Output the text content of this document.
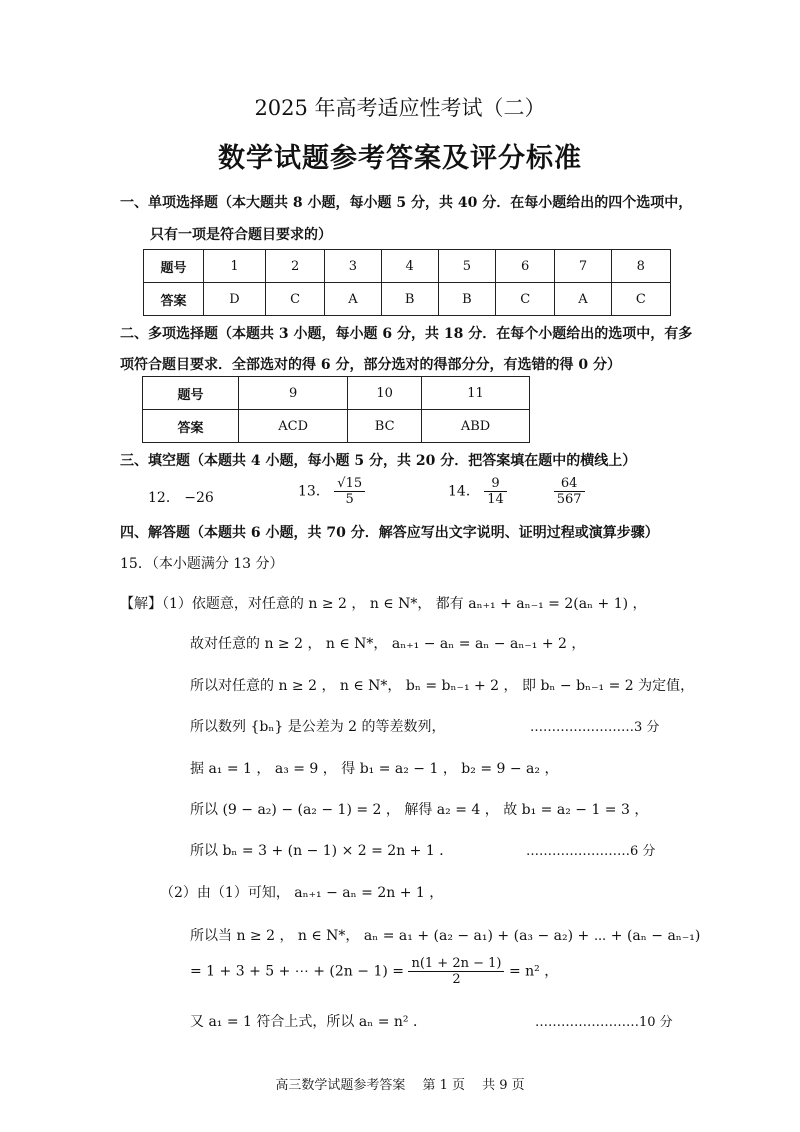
2025 年高考适应性考试（二）
数学试题参考答案及评分标准
一、单项选择题（本大题共 8 小题，每小题 5 分，共 40 分．在每小题给出的四个选项中，
只有一项是符合题目要求的）
题号	1	2	3	4	5	6	7	8
答案	D	C	A	B	B	C	A	C
二、多项选择题（本题共 3 小题，每小题 6 分，共 18 分．在每个小题给出的选项中，有多
项符合题目要求．全部选对的得 6 分，部分选对的得部分分，有选错的得 0 分）
题号	9	10	11
答案	ACD	BC	ABD
三、填空题（本题共 4 小题，每小题 5 分，共 20 分．把答案填在题中的横线上）
12． −26	13． $\frac{√15}{5}$	14． $\frac{9}{14}$
	$\frac{64}{567}$
四、解答题（本题共 6 小题，共 70 分．解答应写出文字说明、证明过程或演算步骤）
15．（本小题满分 13 分）
【解】（1）依题意，对任意的 n ≥ 2 ， n ∈ N*， 都有 aₙ₊₁ + aₙ₋₁ = 2(aₙ + 1) ，
故对任意的 n ≥ 2 ， n ∈ N*， aₙ₊₁ − aₙ = aₙ − aₙ₋₁ + 2 ，
所以对任意的 n ≥ 2 ， n ∈ N*， bₙ = bₙ₋₁ + 2 ， 即 bₙ − bₙ₋₁ = 2 为定值，
所以数列 {bₙ} 是公差为 2 的等差数列，	……………………3 分
据 a₁ = 1 ， a₃ = 9 ， 得 b₁ = a₂ − 1 ， b₂ = 9 − a₂ ，
所以 (9 − a₂) − (a₂ − 1) = 2 ， 解得 a₂ = 4 ， 故 b₁ = a₂ − 1 = 3 ，
所以 bₙ = 3 + (n − 1) × 2 = 2n + 1 ．	……………………6 分
（2）由（1）可知， aₙ₊₁ − aₙ = 2n + 1 ，
所以当 n ≥ 2 ， n ∈ N*， aₙ = a₁ + (a₂ − a₁) + (a₃ − a₂) + ⋯ + (aₙ − aₙ₋₁)
= 1 + 3 + 5 + ⋯ + $(2n - 1) = \frac{n(1 + 2n - 1)}{2} = n^2$ ，
又 a₁ = 1 符合上式，所以 aₙ = n² ．	……………………10 分
高三数学试题参考答案　 第 1 页　 共 9 页
